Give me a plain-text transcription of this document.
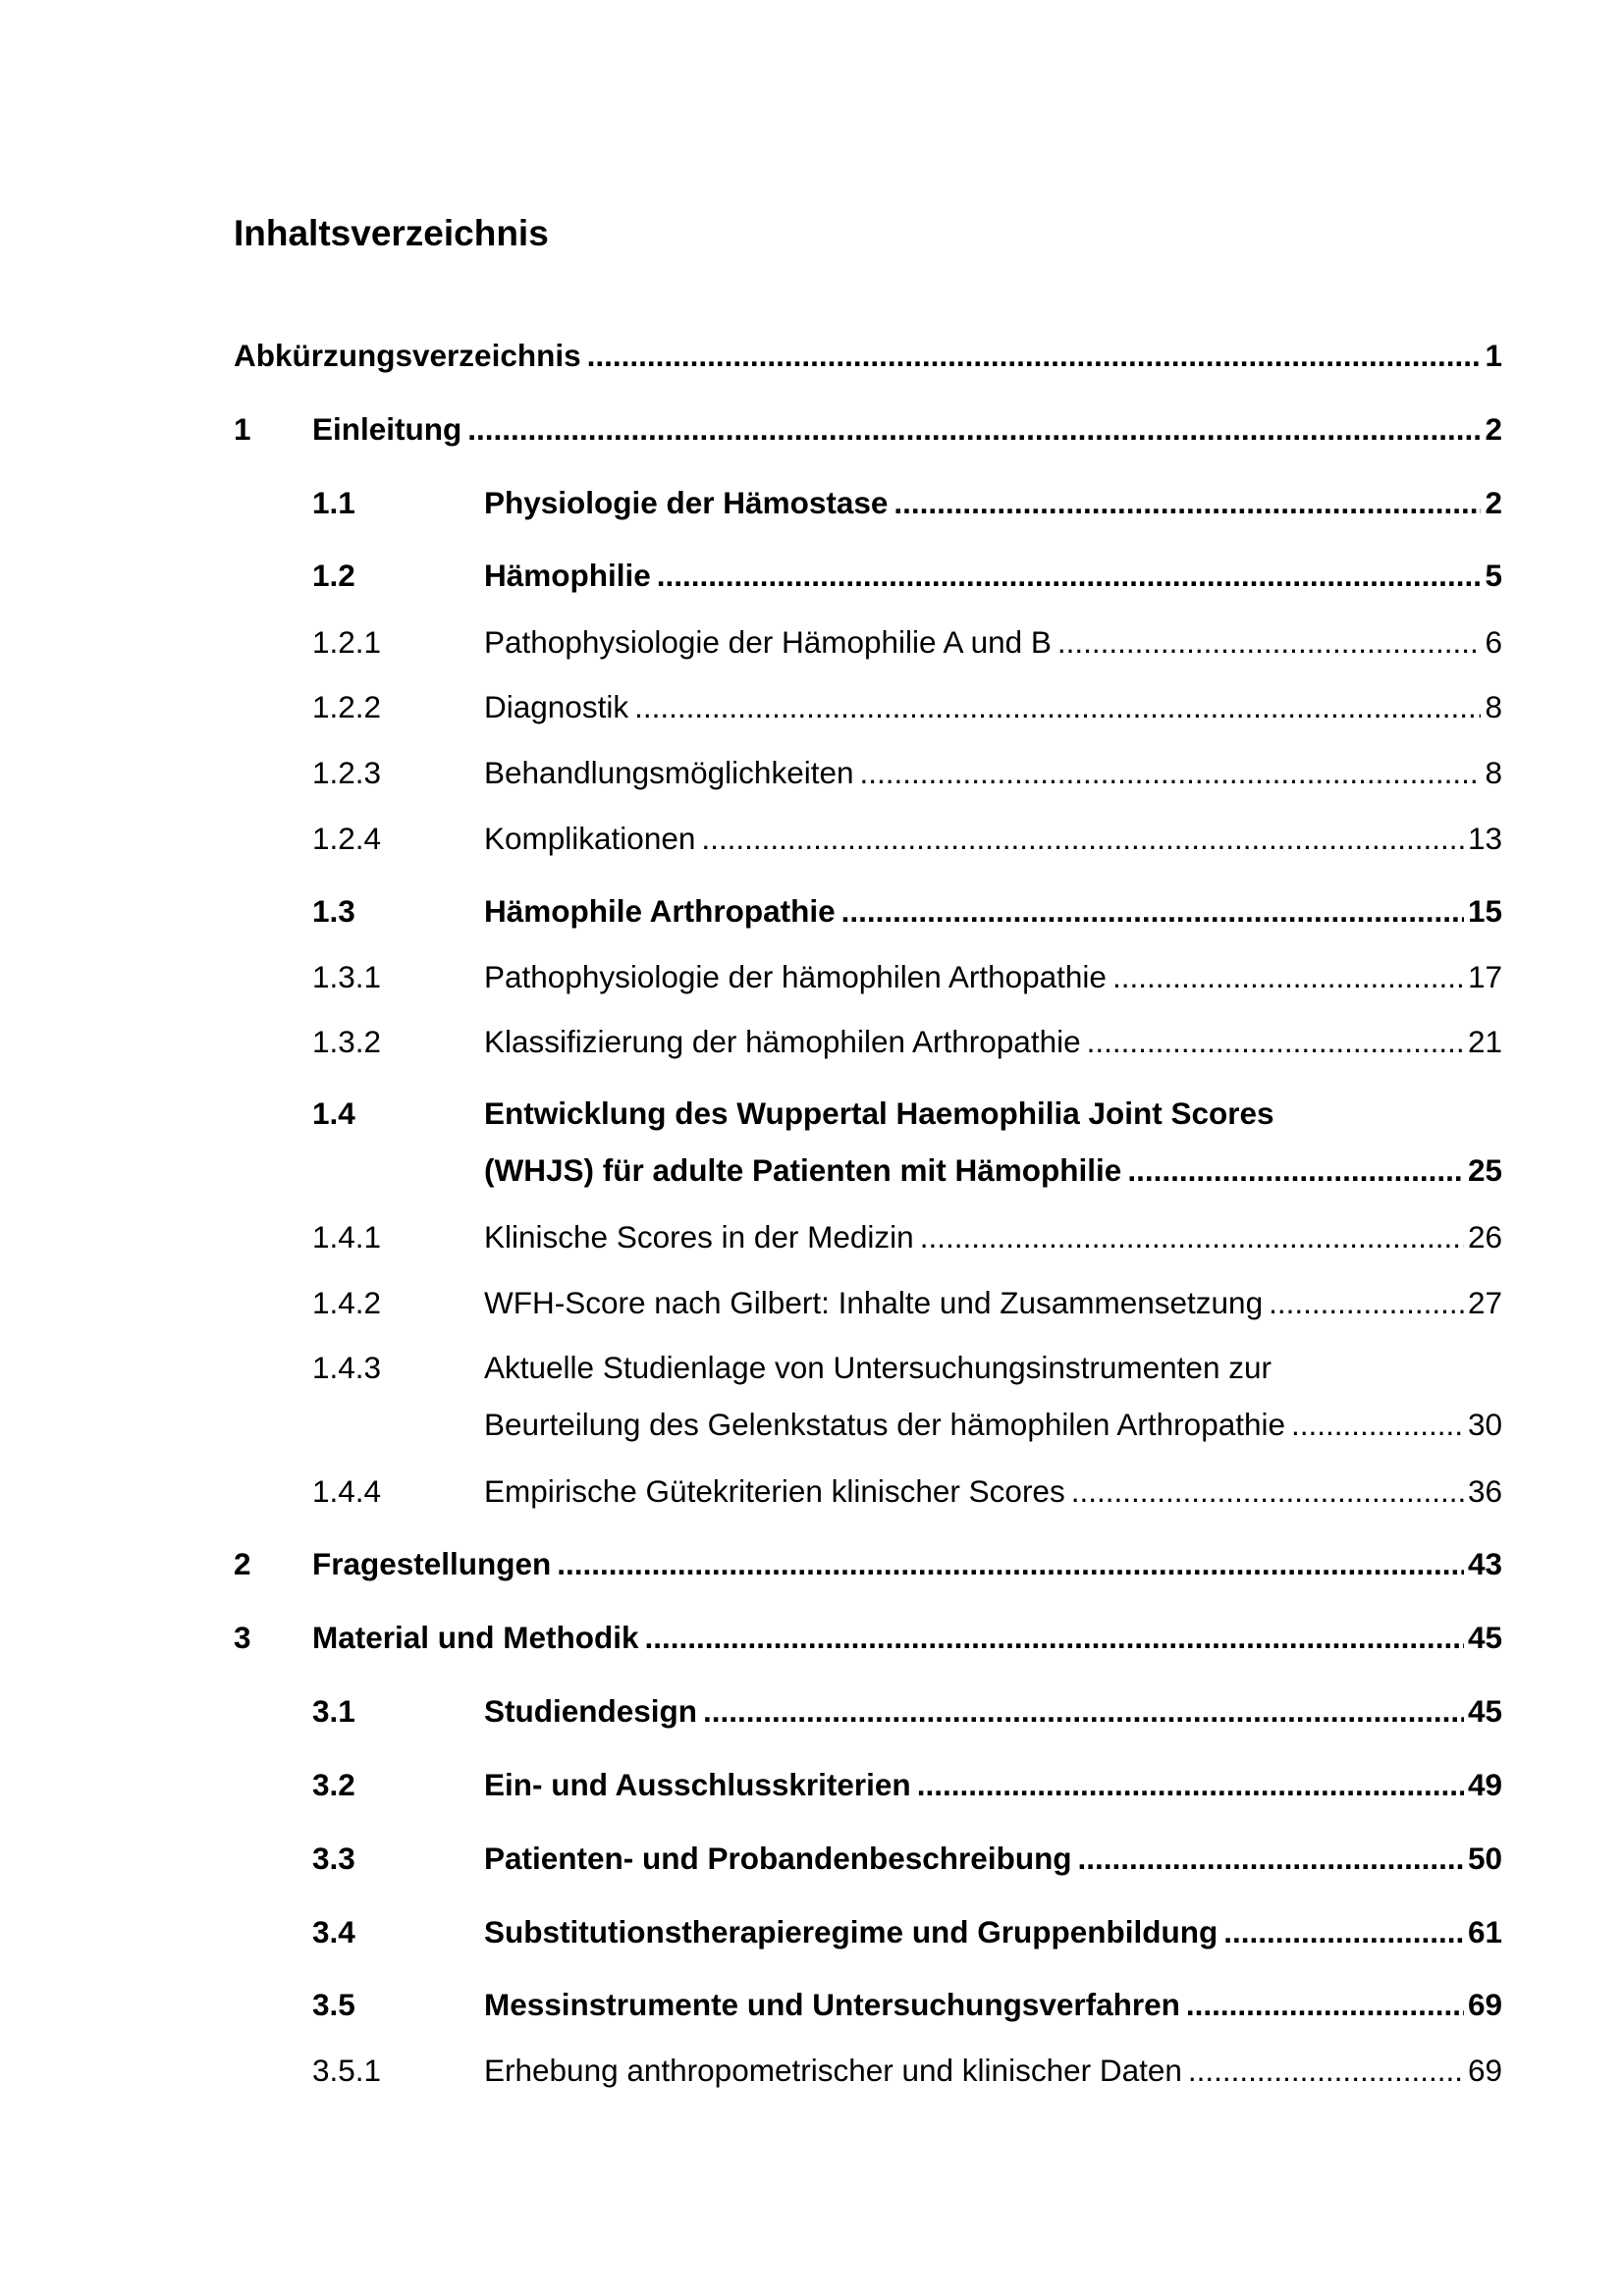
Inhaltsverzeichnis
Abkürzungsverzeichnis .....	1
1 Einleitung .....	2
1.1	Physiologie der Hämostase .....	2
1.2	Hämophilie .....	5
1.2.1	Pathophysiologie der Hämophilie A und B .....	6
1.2.2	Diagnostik .....	8
1.2.3	Behandlungsmöglichkeiten .....	8
1.2.4	Komplikationen .....	13
1.3	Hämophile Arthropathie .....	15
1.3.1	Pathophysiologie der hämophilen Arthopathie .....	17
1.3.2	Klassifizierung der hämophilen Arthropathie .....	21
1.4	Entwicklung des Wuppertal Haemophilia Joint Scores
(WHJS) für adulte Patienten mit Hämophilie .....	25
1.4.1	Klinische Scores in der Medizin .....	26
1.4.2	WFH-Score nach Gilbert: Inhalte und Zusammensetzung .....	27
1.4.3	Aktuelle Studienlage von Untersuchungsinstrumenten zur
Beurteilung des Gelenkstatus der hämophilen Arthropathie .....	30
1.4.4	Empirische Gütekriterien klinischer Scores .....	36
2 Fragestellungen .....	43
3 Material und Methodik .....	45
3.1	Studiendesign .....	45
3.2	Ein- und Ausschlusskriterien .....	49
3.3	Patienten- und Probandenbeschreibung .....	50
3.4	Substitutionstherapieregime und Gruppenbildung .....	61
3.5	Messinstrumente und Untersuchungsverfahren .....	69
3.5.1	Erhebung anthropometrischer und klinischer Daten .....	69
